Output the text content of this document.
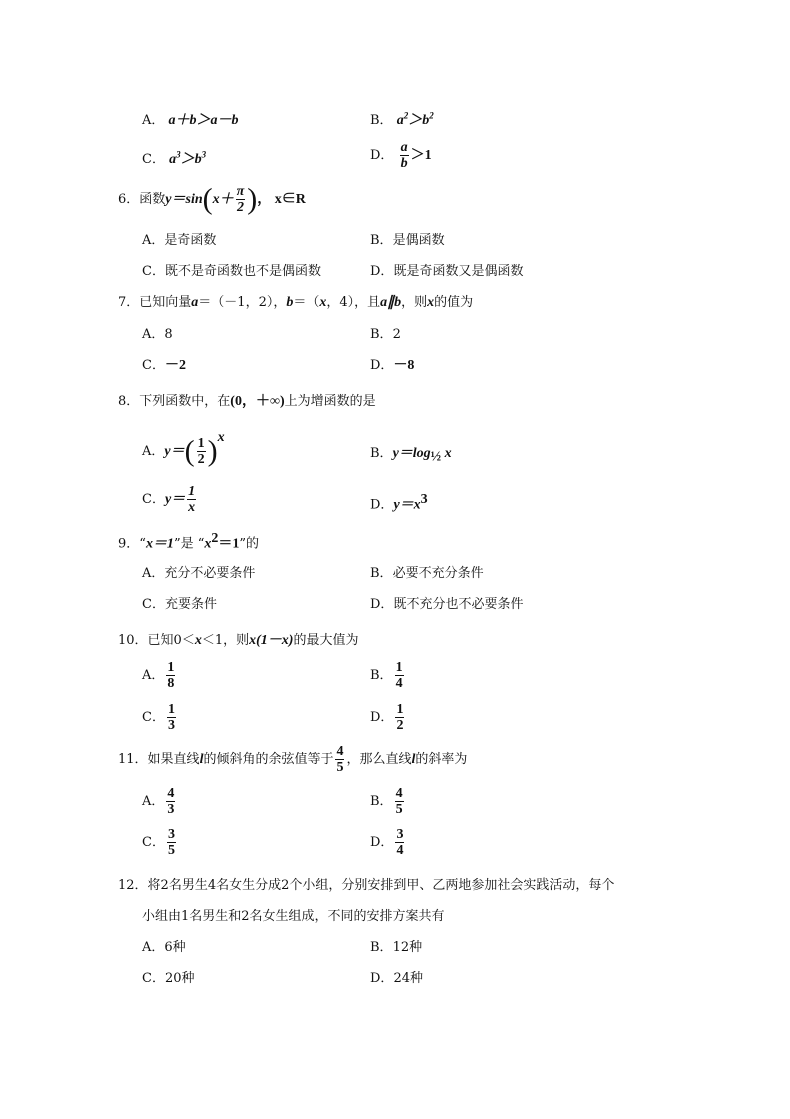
A． a＋b＞a－b	B． $a^2>b^2$
C． $a^3>b^3$	D． $\frac{a}{b} >1$
6．函数$y=\sin(x+ \frac{\pi}{2}$ )， x∈R
A．是奇函数	B．是偶函数
C．既不是奇函数也不是偶函数	D．既是奇函数又是偶函数
7．已知向量a＝（－1，2），b＝（x，4），且a∥b，则x的值为
A．8	B．2
C．－2	D．－8
8．下列函数中，在(0，＋∞)上为增函数的是
A．$y=( \frac{1}{2} )^x$
B．$y=\log_{\frac{1}{2}}$ x
C．$y= \frac{1}{x}$	D．$y=x^3$
9．“x＝1”是 “$x^2=1$”的
A．充分不必要条件	B．必要不充分条件
C．充要条件	D．既不充分也不必要条件
10．已知0＜x＜1，则x(1－x)的最大值为
A． $\frac{1}{8}$	B． $\frac{1}{4}$
C． $\frac{1}{3}$	D． $\frac{1}{2}$
11．如果直线l的倾斜角的余弦值等于 $\frac{4}{5}$ ，那么直线l的斜率为
A． $\frac{4}{3}$	B． $\frac{4}{5}$
C． $\frac{3}{5}$	D． $\frac{3}{4}$
12．将2名男生4名女生分成2个小组，分别安排到甲、乙两地参加社会实践活动，每个
小组由1名男生和2名女生组成，不同的安排方案共有
A．6种	B．12种
C．20种	D．24种
